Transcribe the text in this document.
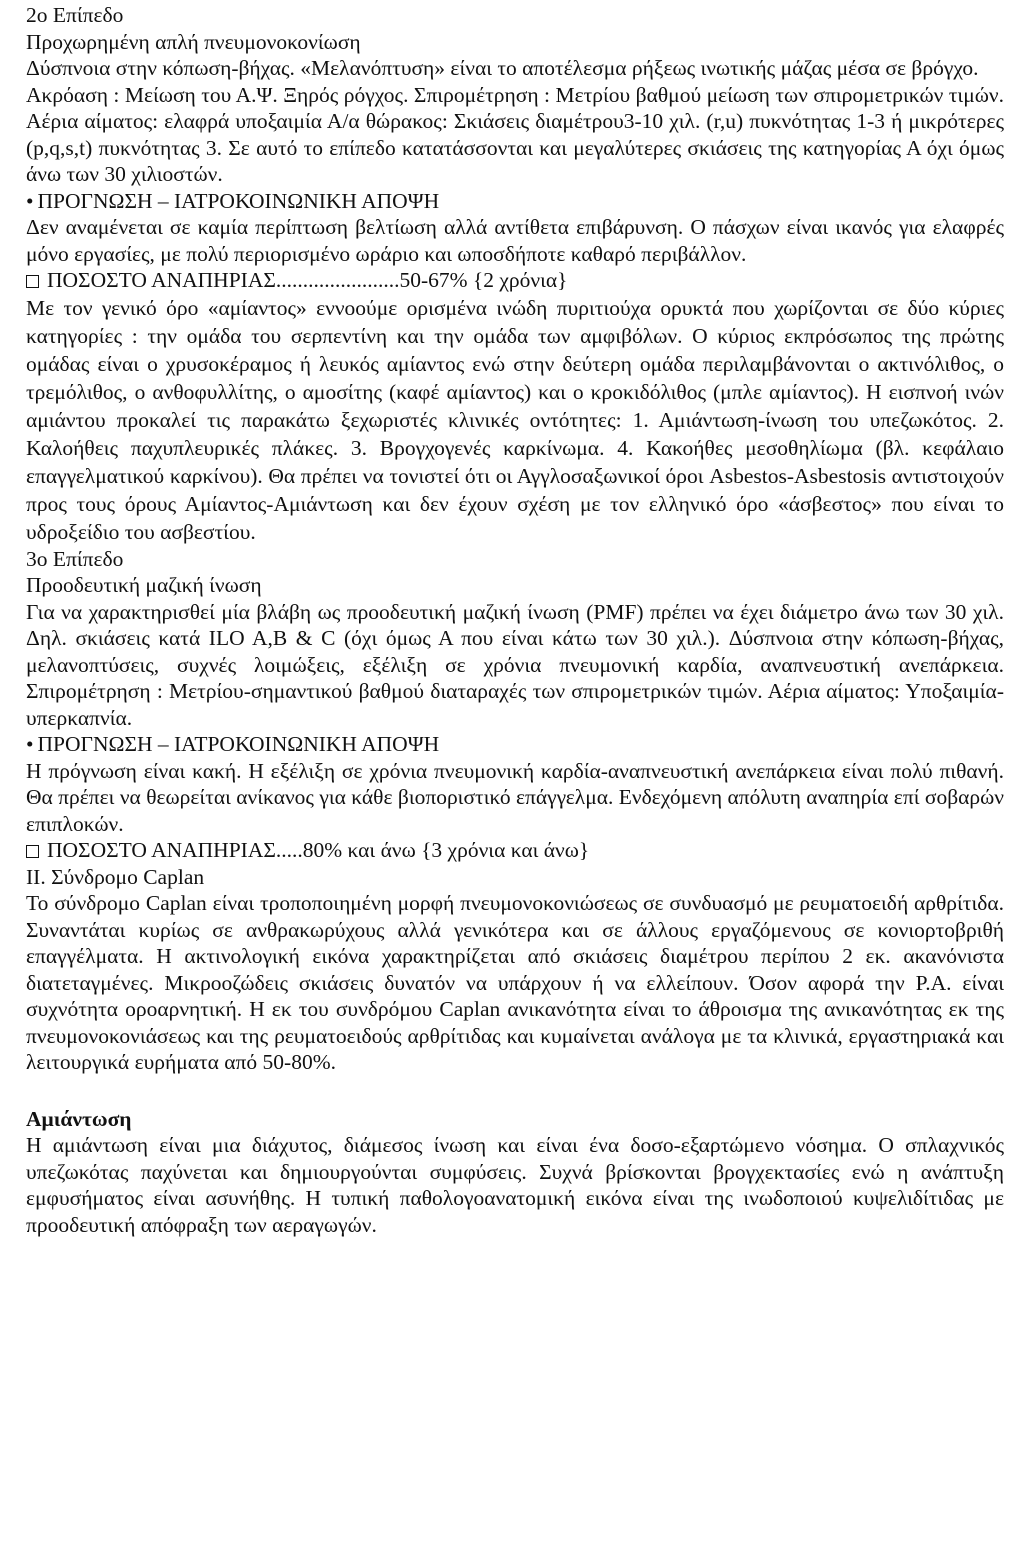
2ο Επίπεδο
Προχωρημένη απλή πνευμονοκονίωση

Δύσπνοια στην κόπωση-βήχας. «Μελανόπτυση» είναι το αποτέλεσμα ρήξεως ινωτικής μάζας μέσα σε βρόγχο.

Ακρόαση : Μείωση του Α.Ψ. Ξηρός ρόγχος. Σπιρομέτρηση : Μετρίου βαθμού μείωση των σπιρομετρικών τιμών. Αέρια αίματος: ελαφρά υποξαιμία Α/α θώρακος: Σκιάσεις διαμέτρου3-10 χιλ. (r,u) πυκνότητας 1-3 ή μικρότερες (p,q,s,t) πυκνότητας 3. Σε αυτό το επίπεδο κατατάσσονται και μεγαλύτερες σκιάσεις της κατηγορίας Α όχι όμως άνω των 30 χιλιοστών.

• ΠΡΟΓΝΩΣΗ – ΙΑΤΡΟΚΟΙΝΩΝΙΚΗ ΑΠΟΨΗ

Δεν αναμένεται σε καμία περίπτωση βελτίωση αλλά αντίθετα επιβάρυνση. Ο πάσχων είναι ικανός για ελαφρές μόνο εργασίες, με πολύ περιορισμένο ωράριο και ωποσδήποτε καθαρό περιβάλλον.

ΠΟΣΟΣΤΟ ΑΝΑΠΗΡΙΑΣ.......................50-67% {2 χρόνια}

Με τον γενικό όρο «αμίαντος» εννοούμε ορισμένα ινώδη πυριτιούχα ορυκτά που χωρίζονται σε δύο κύριες κατηγορίες : την ομάδα του σερπεντίνη και την ομάδα των αμφιβόλων. Ο κύριος εκπρόσωπος της πρώτης ομάδας είναι ο χρυσοκέραμος ή λευκός αμίαντος ενώ στην δεύτερη ομάδα περιλαμβάνονται ο ακτινόλιθος, ο τρεμόλιθος, ο ανθοφυλλίτης, ο αμοσίτης (καφέ αμίαντος) και ο κροκιδόλιθος (μπλε αμίαντος). Η εισπνοή ινών αμιάντου προκαλεί τις παρακάτω ξεχωριστές κλινικές οντότητες: 1. Αμιάντωση-ίνωση του υπεζωκότος. 2. Καλοήθεις παχυπλευρικές πλάκες. 3. Βρογχογενές καρκίνωμα. 4. Κακοήθες μεσοθηλίωμα (βλ. κεφάλαιο επαγγελματικού καρκίνου). Θα πρέπει να τονιστεί ότι οι Αγγλοσαξωνικοί όροι Asbestos-Asbestosis αντιστοιχούν προς τους όρους Αμίαντος-Αμιάντωση και δεν έχουν σχέση με τον ελληνικό όρο «άσβεστος» που είναι το υδροξείδιο του ασβεστίου.

3ο Επίπεδο
Προοδευτική μαζική ίνωση

Για να χαρακτηρισθεί μία βλάβη ως προοδευτική μαζική ίνωση (PMF) πρέπει να έχει διάμετρο άνω των 30 χιλ. Δηλ. σκιάσεις κατά ILO A,B & C (όχι όμως Α που είναι κάτω των 30 χιλ.). Δύσπνοια στην κόπωση-βήχας, μελανοπτύσεις, συχνές λοιμώξεις, εξέλιξη σε χρόνια πνευμονική καρδία, αναπνευστική ανεπάρκεια. Σπιρομέτρηση : Μετρίου-σημαντικού βαθμού διαταραχές των σπιρομετρικών τιμών. Αέρια αίματος: Υποξαιμία-υπερκαπνία.

• ΠΡΟΓΝΩΣΗ – ΙΑΤΡΟΚΟΙΝΩΝΙΚΗ ΑΠΟΨΗ

Η πρόγνωση είναι κακή. Η εξέλιξη σε χρόνια πνευμονική καρδία-αναπνευστική ανεπάρκεια είναι πολύ πιθανή. Θα πρέπει να θεωρείται ανίκανος για κάθε βιοποριστικό επάγγελμα. Ενδεχόμενη απόλυτη αναπηρία επί σοβαρών επιπλοκών.

ΠΟΣΟΣΤΟ ΑΝΑΠΗΡΙΑΣ.....80% και άνω {3 χρόνια και άνω}
ΙΙ. Σύνδρομο Caplan

Το σύνδρομο Caplan είναι τροποποιημένη μορφή πνευμονοκονιώσεως σε συνδυασμό με ρευματοειδή αρθρίτιδα. Συναντάται κυρίως σε ανθρακωρύχους αλλά γενικότερα και σε άλλους εργαζόμενους σε κονιορτοβριθή επαγγέλματα. Η ακτινολογική εικόνα χαρακτηρίζεται από σκιάσεις διαμέτρου περίπου 2 εκ. ακανόνιστα διατεταγμένες. Μικροοζώδεις σκιάσεις δυνατόν να υπάρχουν ή να ελλείπουν. Όσον αφορά την Ρ.Α. είναι συχνότητα οροαρνητική. Η εκ του συνδρόμου Caplan ανικανότητα είναι το άθροισμα της ανικανότητας εκ της πνευμονοκονιάσεως και της ρευματοειδούς αρθρίτιδας και κυμαίνεται ανάλογα με τα κλινικά, εργαστηριακά και λειτουργικά ευρήματα από 50-80%.

Αμιάντωση

Η αμιάντωση είναι μια διάχυτος, διάμεσος ίνωση και είναι ένα δοσο-εξαρτώμενο νόσημα. Ο σπλαχνικός υπεζωκότας παχύνεται και δημιουργούνται συμφύσεις. Συχνά βρίσκονται βρογχεκτασίες ενώ η ανάπτυξη εμφυσήματος είναι ασυνήθης. Η τυπική παθολογοανατομική εικόνα είναι της ινωδοποιού κυψελιδίτιδας με προοδευτική απόφραξη των αεραγωγών.
